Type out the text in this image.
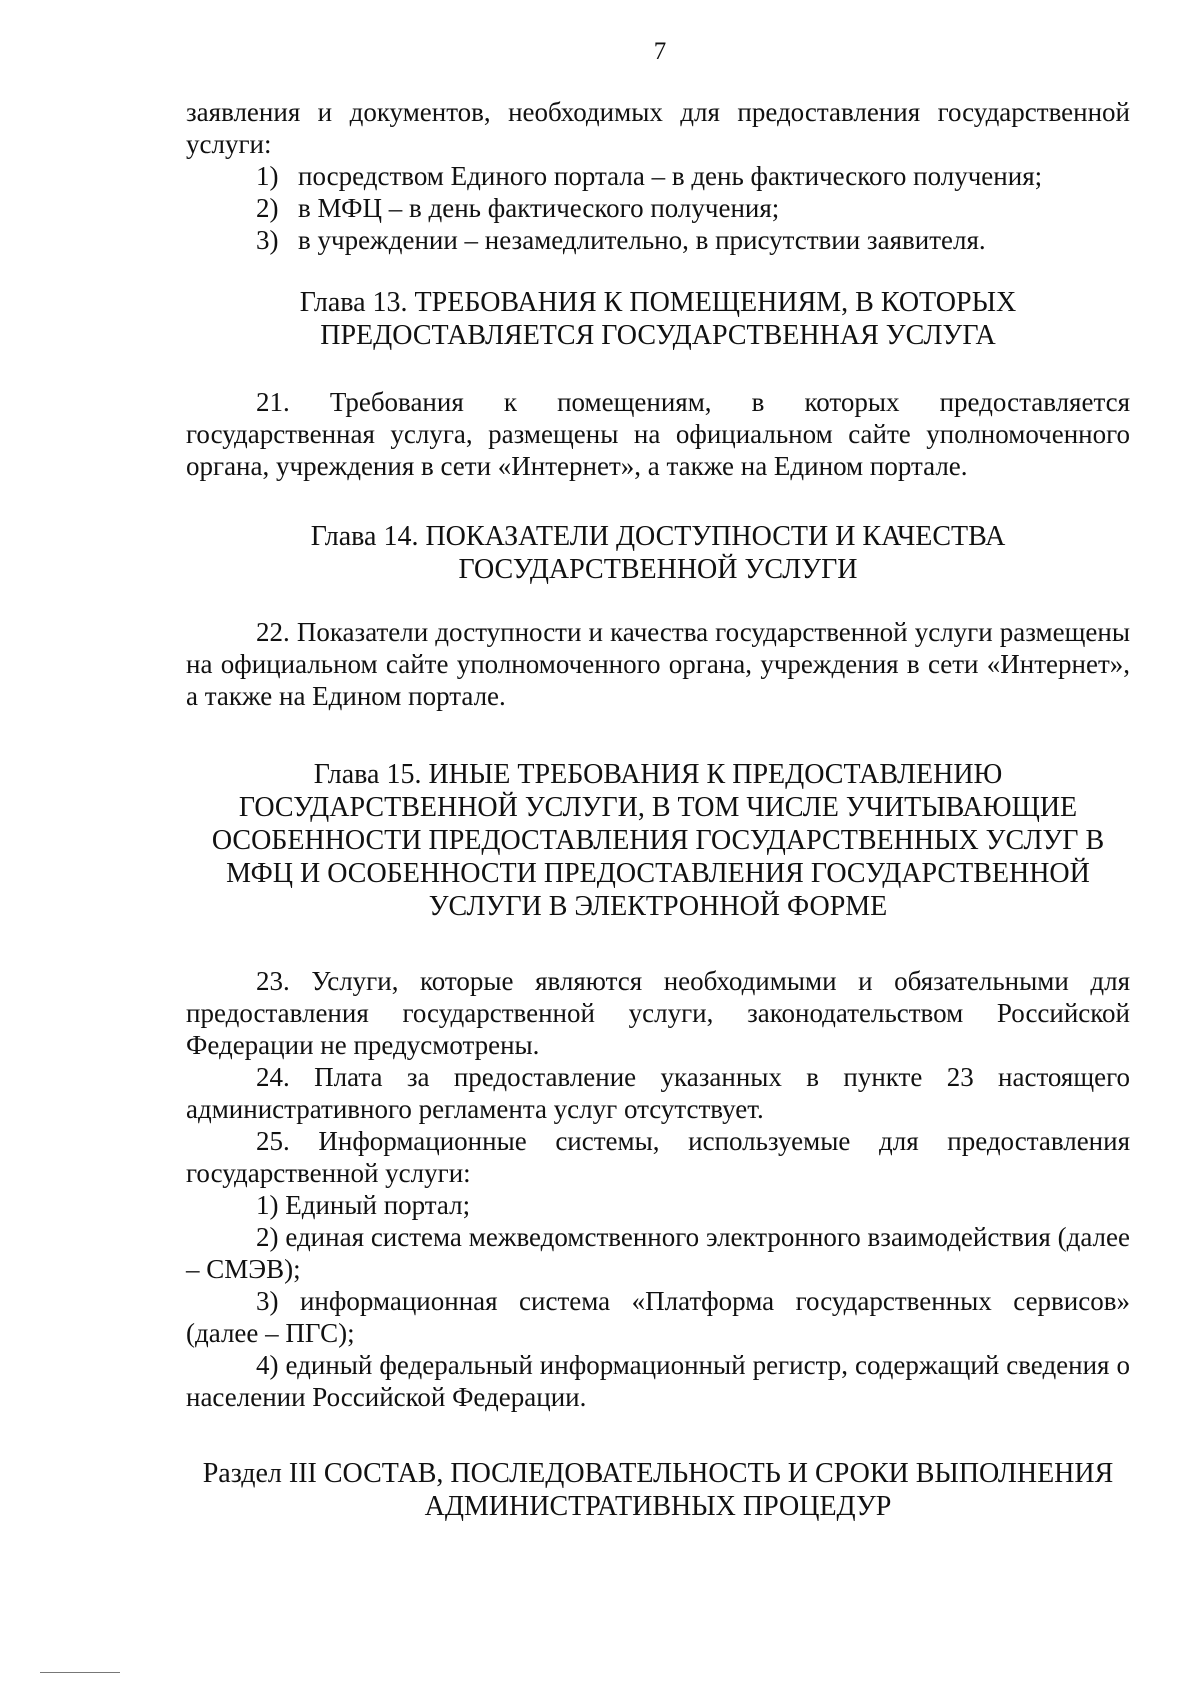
7

заявления и документов, необходимых для предоставления государственной услуги:

1) посредством Единого портала – в день фактического получения;

2) в МФЦ – в день фактического получения;

3) в учреждении – незамедлительно, в присутствии заявителя.

Глава 13. ТРЕБОВАНИЯ К ПОМЕЩЕНИЯМ, В КОТОРЫХ
ПРЕДОСТАВЛЯЕТСЯ ГОСУДАРСТВЕННАЯ УСЛУГА

21. Требования к помещениям, в которых предоставляется

государственная услуга, размещены на официальном сайте уполномоченного органа, учреждения в сети «Интернет», а также на Едином портале.

Глава 14. ПОКАЗАТЕЛИ ДОСТУПНОСТИ И КАЧЕСТВА
ГОСУДАРСТВЕННОЙ УСЛУГИ

22. Показатели доступности и качества государственной услуги размещены на официальном сайте уполномоченного органа, учреждения в сети «Интернет», а также на Едином портале.

Глава 15. ИНЫЕ ТРЕБОВАНИЯ К ПРЕДОСТАВЛЕНИЮ
ГОСУДАРСТВЕННОЙ УСЛУГИ, В ТОМ ЧИСЛЕ УЧИТЫВАЮЩИЕ
ОСОБЕННОСТИ ПРЕДОСТАВЛЕНИЯ ГОСУДАРСТВЕННЫХ УСЛУГ В
МФЦ И ОСОБЕННОСТИ ПРЕДОСТАВЛЕНИЯ ГОСУДАРСТВЕННОЙ
УСЛУГИ В ЭЛЕКТРОННОЙ ФОРМЕ

23. Услуги, которые являются необходимыми и обязательными для предоставления государственной услуги, законодательством Российской Федерации не предусмотрены.

24. Плата за предоставление указанных в пункте 23 настоящего административного регламента услуг отсутствует.

25. Информационные системы, используемые для предоставления государственной услуги:

1) Единый портал;

2) единая система межведомственного электронного взаимодействия (далее – СМЭВ);

3) информационная система «Платформа государственных сервисов» (далее – ПГС);

4) единый федеральный информационный регистр, содержащий сведения о населении Российской Федерации.

Раздел III СОСТАВ, ПОСЛЕДОВАТЕЛЬНОСТЬ И СРОКИ ВЫПОЛНЕНИЯ
АДМИНИСТРАТИВНЫХ ПРОЦЕДУР
